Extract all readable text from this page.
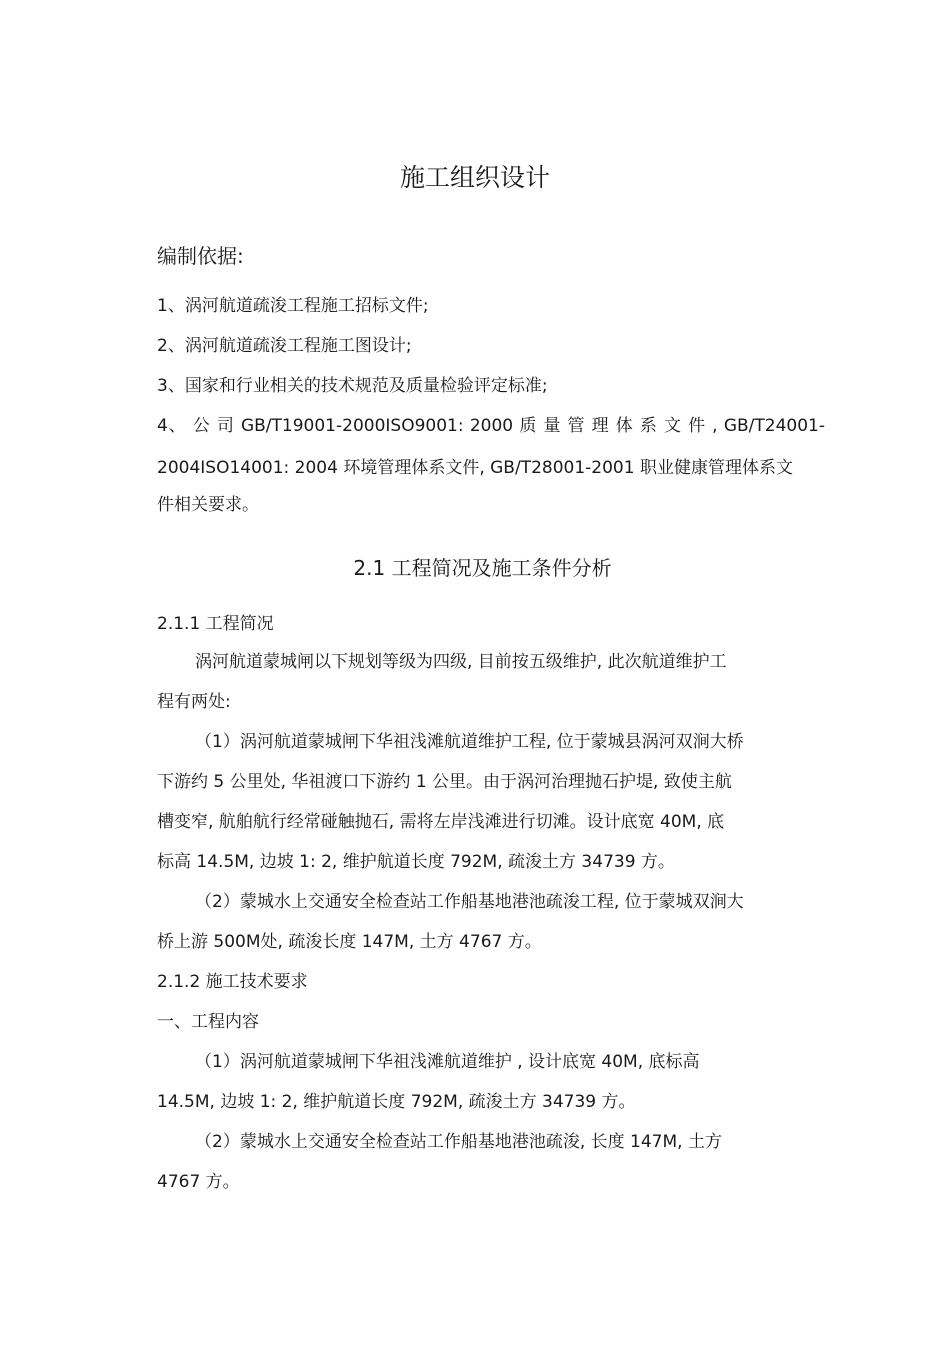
施工组织设计
编制依据:
1、涡河航道疏浚工程施工招标文件;
2、涡河航道疏浚工程施工图设计;
3、国家和行业相关的技术规范及质量检验评定标准;
4、 公 司 GB/T19001-2000ISO9001: 2000 质 量 管 理 体 系 文 件 , GB/T24001-
2004ISO14001: 2004 环境管理体系文件, GB/T28001-2001 职业健康管理体系文
件相关要求。
2.1 工程简况及施工条件分析
2.1.1 工程简况
涡河航道蒙城闸以下规划等级为四级, 目前按五级维护, 此次航道维护工
程有两处:
（1）涡河航道蒙城闸下华祖浅滩航道维护工程, 位于蒙城县涡河双涧大桥
下游约 5 公里处, 华祖渡口下游约 1 公里。由于涡河治理抛石护堤, 致使主航
槽变窄, 航舶航行经常碰触抛石, 需将左岸浅滩进行切滩。设计底宽 40M, 底
标高 14.5M, 边坡 1: 2, 维护航道长度 792M, 疏浚土方 34739 方。
（2）蒙城水上交通安全检查站工作船基地港池疏浚工程, 位于蒙城双涧大
桥上游 500M处, 疏浚长度 147M, 土方 4767 方。
2.1.2 施工技术要求
一、工程内容
（1）涡河航道蒙城闸下华祖浅滩航道维护 , 设计底宽 40M, 底标高
14.5M, 边坡 1: 2, 维护航道长度 792M, 疏浚土方 34739 方。
（2）蒙城水上交通安全检查站工作船基地港池疏浚, 长度 147M, 土方
4767 方。
